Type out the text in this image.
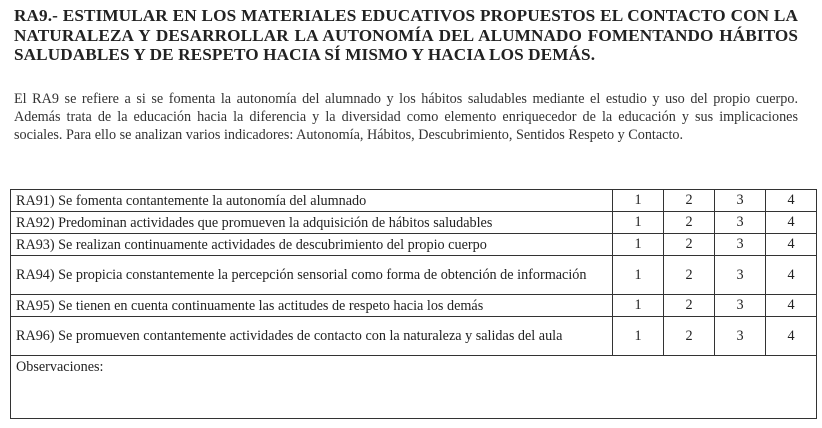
RA9.- ESTIMULAR EN LOS MATERIALES EDUCATIVOS PROPUESTOS EL CONTACTO CON LA NATURALEZA Y DESARROLLAR LA AUTONOMÍA DEL ALUMNADO FOMENTANDO HÁBITOS SALUDABLES Y DE RESPETO HACIA SÍ MISMO Y HACIA LOS DEMÁS.
El RA9 se refiere a si se fomenta la autonomía del alumnado y los hábitos saludables mediante el estudio y uso del propio cuerpo. Además trata de la educación hacia la diferencia y la diversidad como elemento enriquecedor de la educación y sus implicaciones sociales. Para ello se analizan varios indicadores: Autonomía, Hábitos, Descubrimiento, Sentidos Respeto y Contacto.
RA91) Se fomenta contantemente la autonomía del alumnado	1	2	3	4
RA92) Predominan actividades que promueven la adquisición de hábitos saludables	1	2	3	4
RA93) Se realizan continuamente actividades de descubrimiento del propio cuerpo	1	2	3	4
RA94) Se propicia constantemente la percepción sensorial como forma de obtención de información	1	2	3	4
RA95) Se tienen en cuenta continuamente las actitudes de respeto hacia los demás	1	2	3	4
RA96) Se promueven contantemente actividades de contacto con la naturaleza y salidas del aula	1	2	3	4
Observaciones:				
